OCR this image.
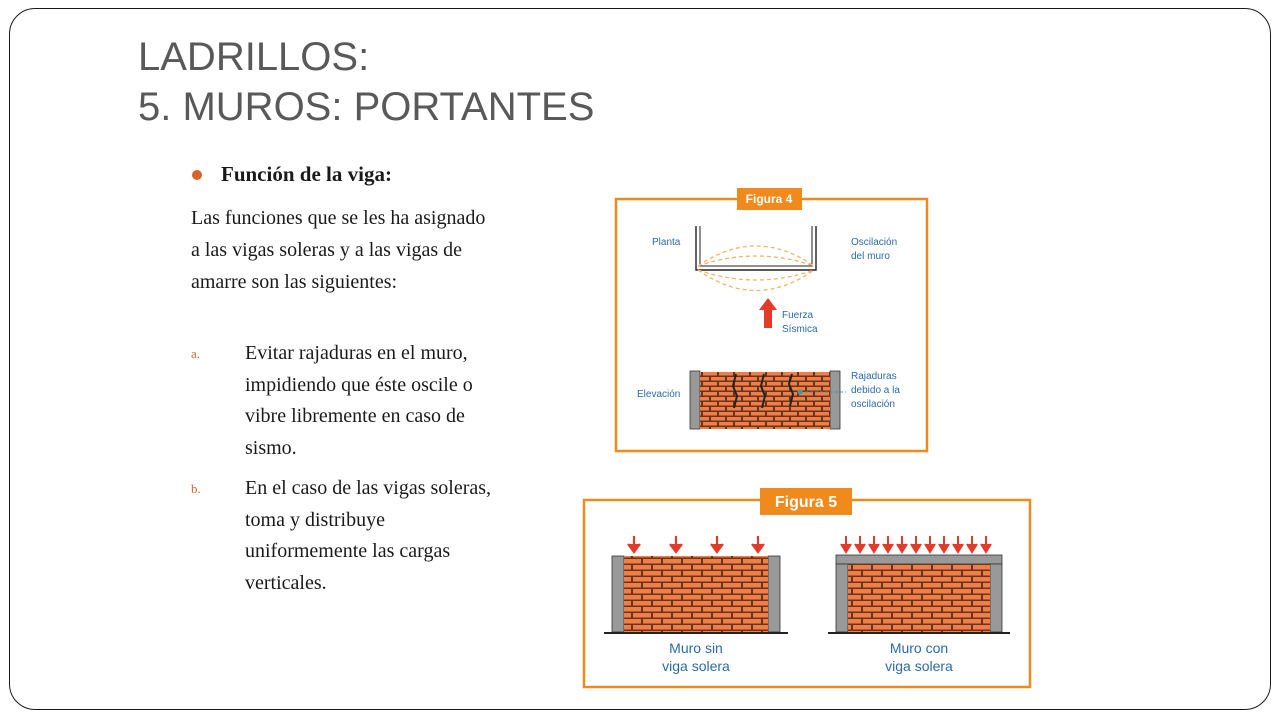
LADRILLOS:
5. MUROS: PORTANTES
Función de la viga:

Las funciones que se les ha asignado a las vigas soleras y a las vigas de amarre son las siguientes:

a.	Evitar rajaduras en el muro, impidiendo que éste oscile o vibre libremente en caso de sismo.
b.	En el caso de las vigas soleras, toma y distribuye uniformemente las cargas verticales.
Figura 4
Planta	Oscilación
del muro
Fuerza
Sísmica
Elevación
Rajaduras
debido a la
oscilación
Figura 5
Muro sin
viga solera
Muro con
viga solera
